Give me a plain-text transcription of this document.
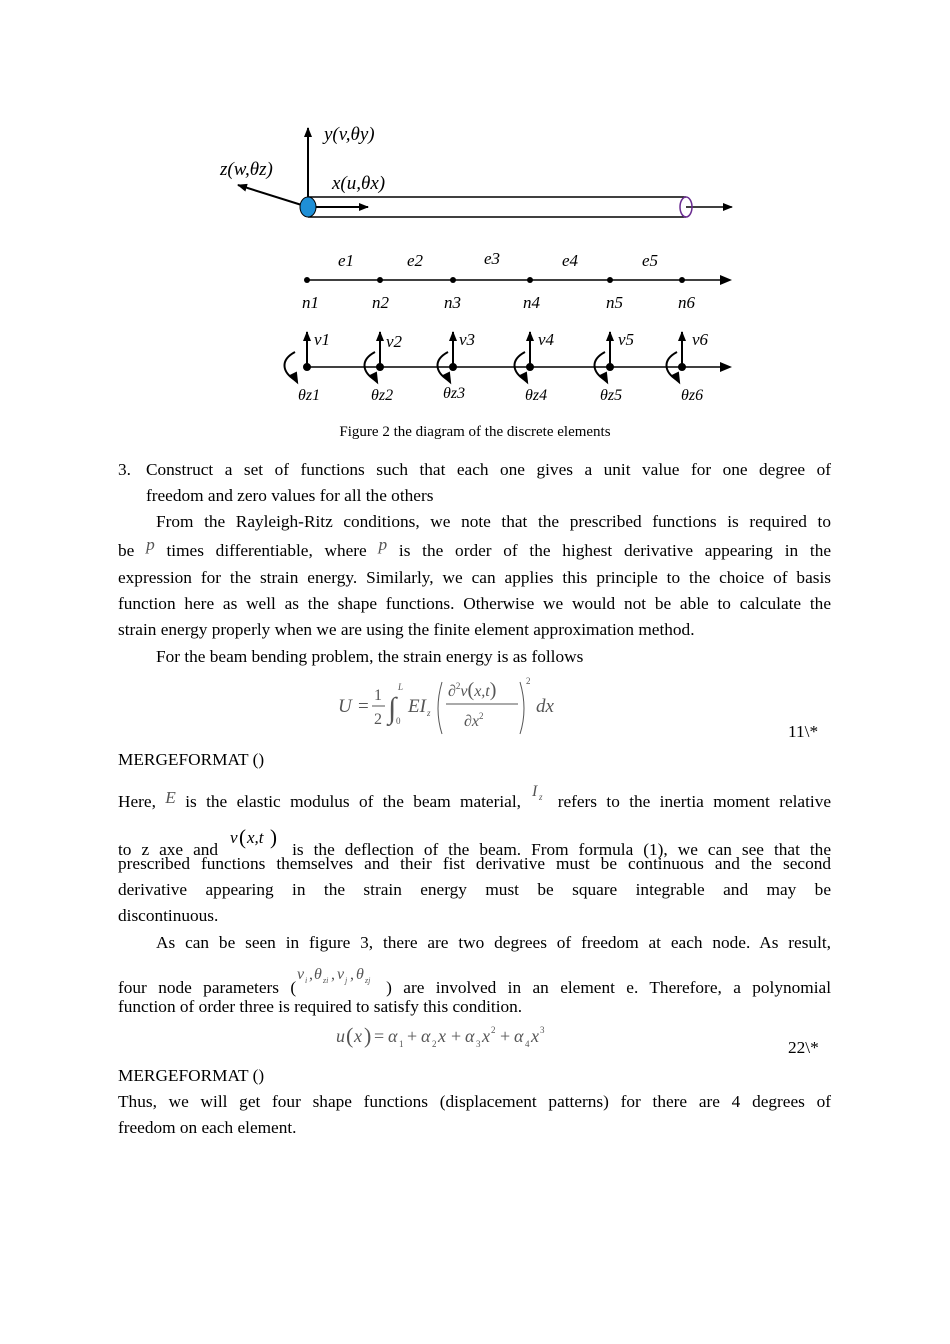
y(v,θy)
z(w,θz)
x(u,θx)
e1	e2	e3	e4	e5
n1	n2	n3	n4	n5	n6
v1	v2	v3	v4	v5	v6
θz1	θz2	θz3	θz4	θz5	θz6
Figure 2 the diagram of the discrete elements
Construct a set of functions such that each one gives a unit value for one degree of
3.
freedom and zero values for all the others
From the Rayleigh-Ritz conditions, we note that the prescribed functions is required to
be p times differentiable, where p is the order of the highest derivative appearing in the
expression for the strain energy. Similarly, we can applies this principle to the choice of basis
function here as well as the shape functions. Otherwise we would not be able to calculate the
strain energy properly when we are using the finite element approximation method.
For the beam bending problem, the strain energy is as follows
U =
1
2 ∫
L
0
EI z
∂$^2$v(x,t)
$\partial x^2$
2
dx
11\*
MERGEFORMAT ()
Here, E is the elastic modulus of the beam material,
I z refers to the inertia moment relative
to z axe and
v ( x,t )
is the deflection of the beam. From formula (1), we can see that the
prescribed functions themselves and their fist derivative must be continuous and the second
derivative appearing in the strain energy must be square integrable and may be
discontinuous.
As can be seen in figure 3, there are two degrees of freedom at each node. As result,
four node parameters (
v i , θ zi , v j , θ zj ) are involved in an element e. Therefore, a polynomial
function of order three is required to satisfy this condition.
u ( x ) = α 1 + α 2 x + α 3 x 2 + α 4 x 3
22\*
MERGEFORMAT ()
Thus, we will get four shape functions (displacement patterns) for there are 4 degrees of
freedom on each element.
